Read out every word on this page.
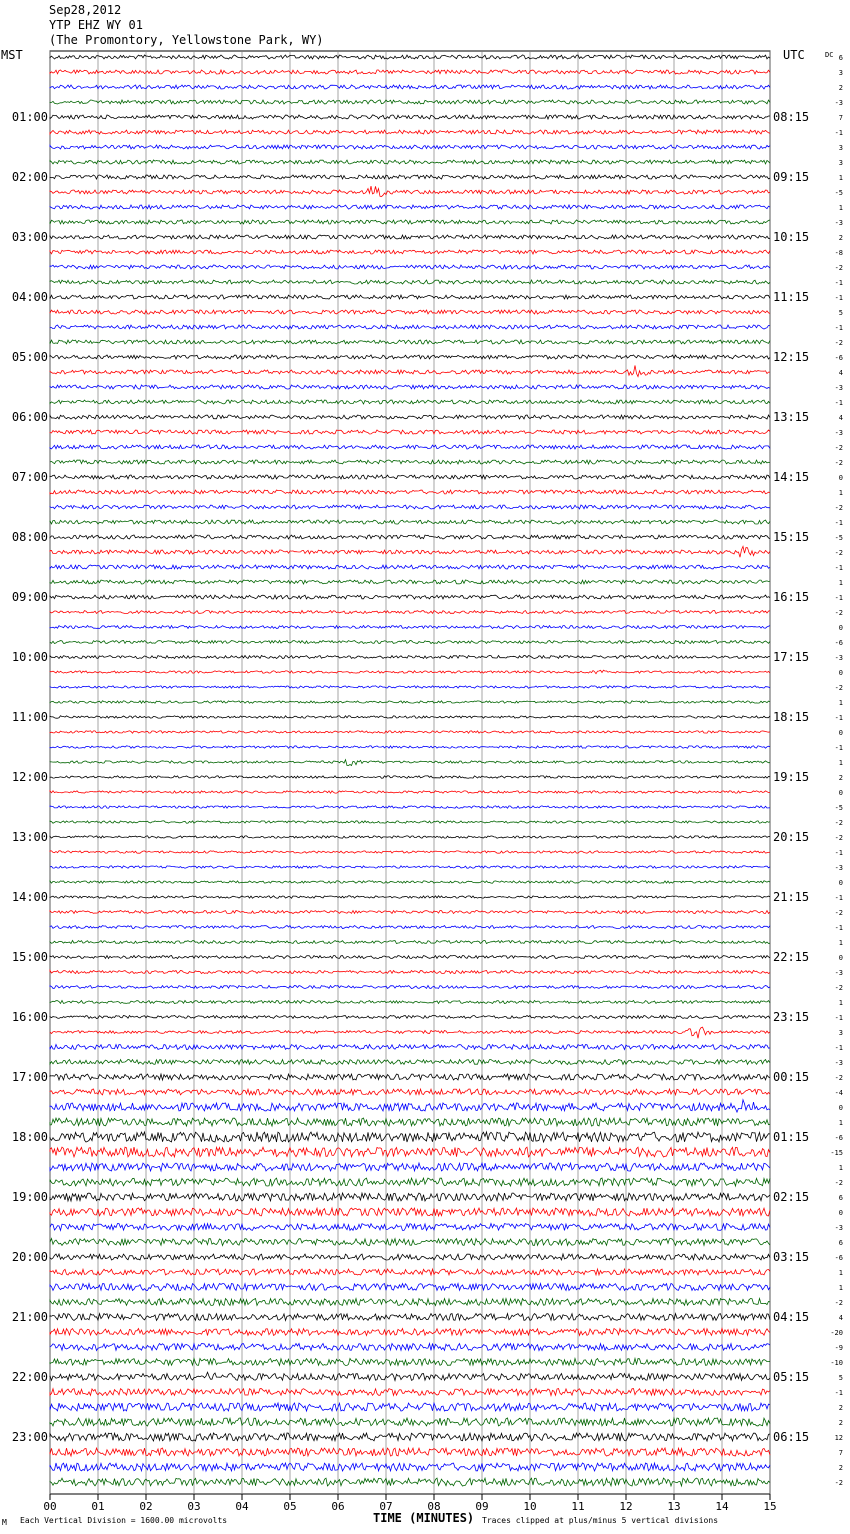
Sep28,2012
YTP EHZ WY 01
(The Promontory, Yellowstone Park, WY)
MST	UTC	DC
00	01	02	03	04	05	06	07	08	09	10	11	12	13	14	15
6
3
2
-3
7
-1
3
3
1
-5
1
-3
2
-8
-2
-1
-1
5
-1
-2
-6
4
-3
-1
4
-3
-2
-2
0
1
-2
-1
-5
-2
-1
1
-1
-2
0
-6
-3
0
-2
1
-1
0
-1
1
2
0
-5
-2
-2
-1
-3
0
-1
-2
-1
1
0
-3
-2
1
-1
3
-1
-3
-2
-4
0
1
-6
-15
1
-2
6
0
-3
6
-6
1
1
-2
4
-20
-9
-10
5
-1
2
2
12
7
2
-2
01:00	08:15
02:00	09:15
03:00	10:15
04:00	11:15
05:00	12:15
06:00	13:15
07:00	14:15
08:00	15:15
09:00	16:15
10:00	17:15
11:00	18:15
12:00	19:15
13:00	20:15
14:00	21:15
15:00	22:15
16:00	23:15
17:00	00:15
18:00	01:15
19:00	02:15
20:00	03:15
21:00	04:15
22:00	05:15
23:00	06:15
M Each Vertical Division = 1600.00 microvolts	TIME (MINUTES) Traces clipped at plus/minus 5 vertical divisions
